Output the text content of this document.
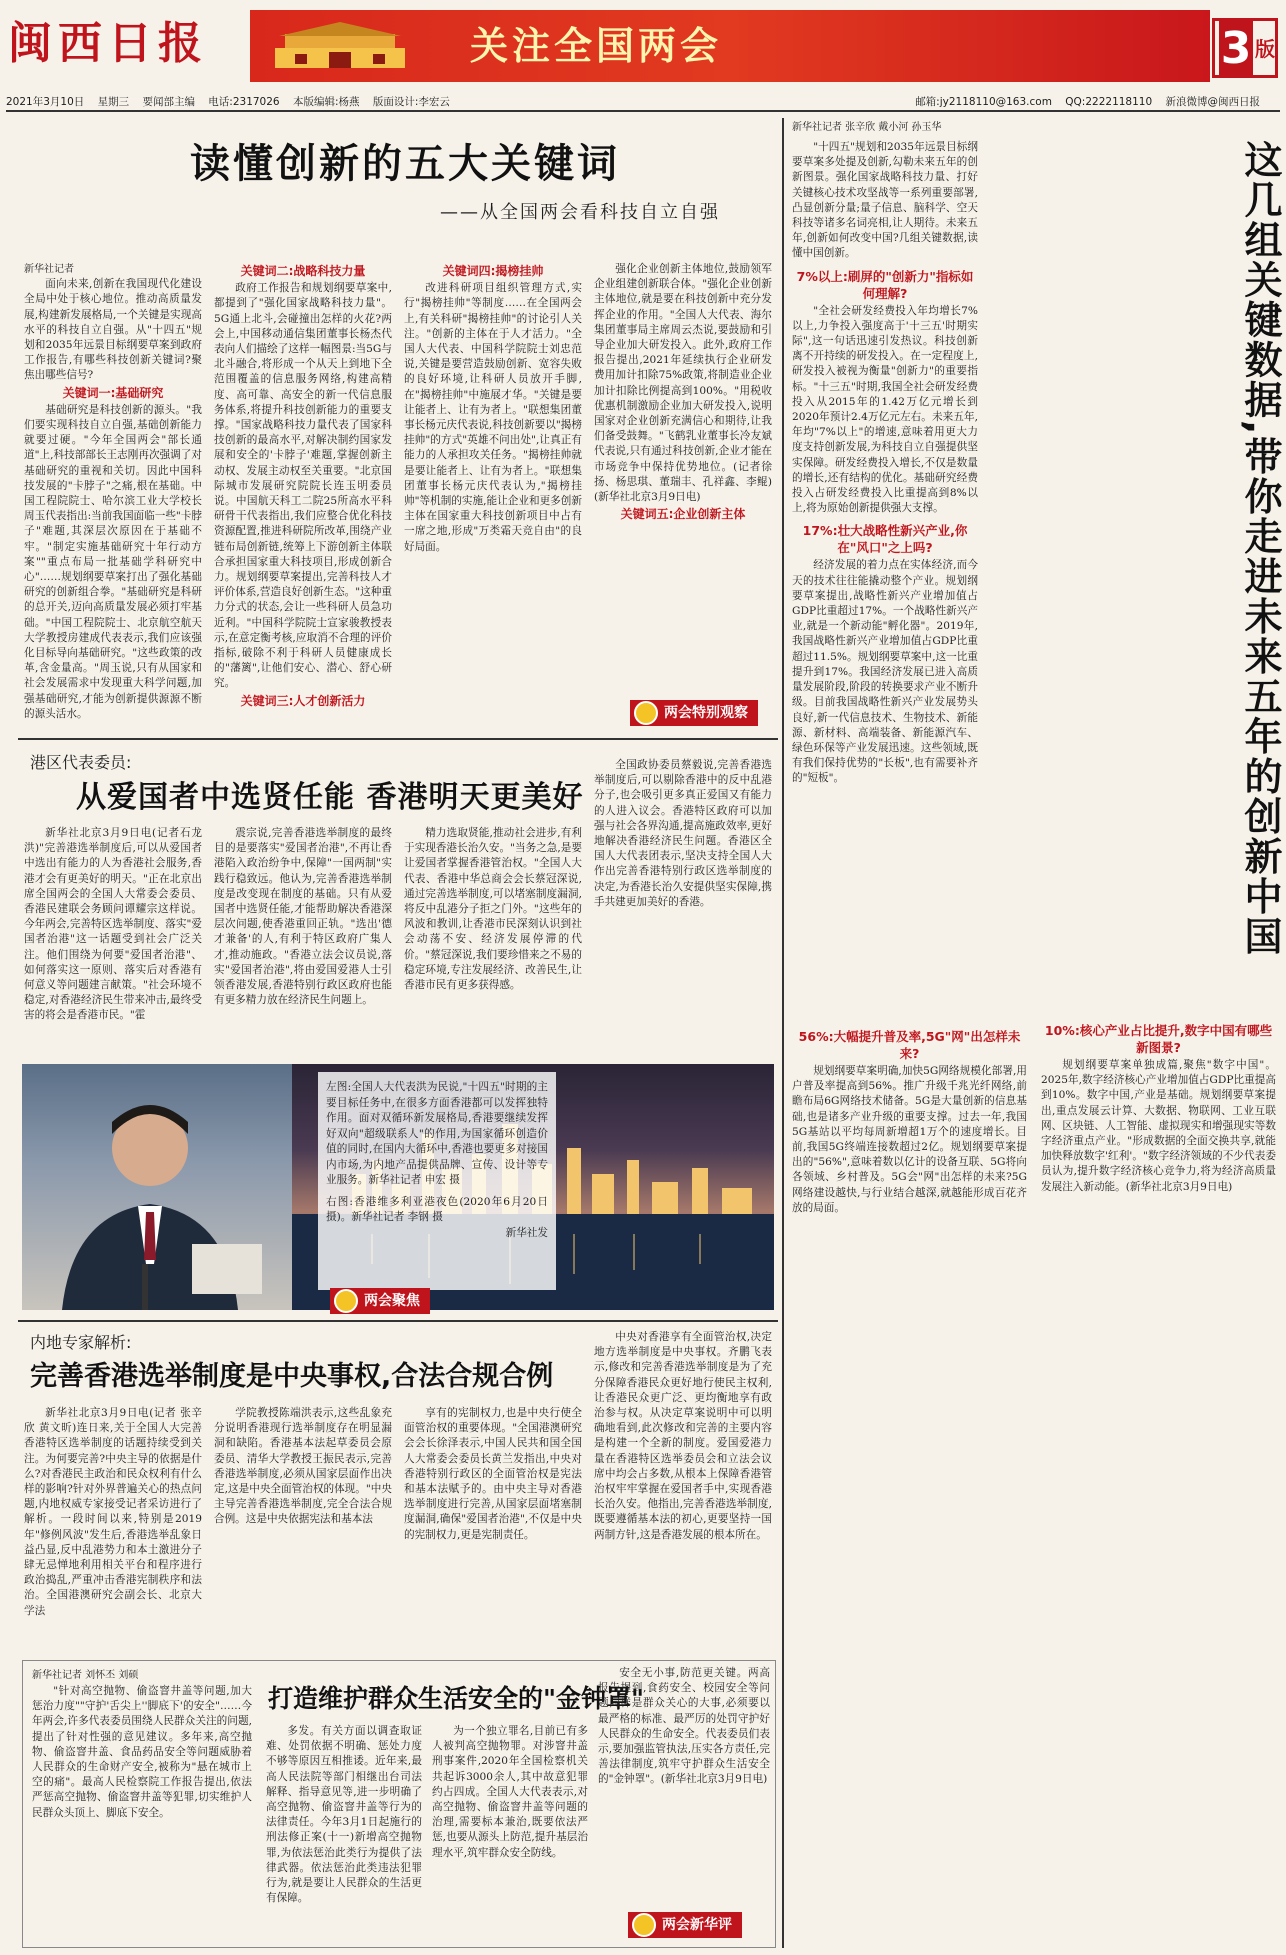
闽西日报	关注全国两会	3 版
2021年3月10日 星期三 要闻部主编 电话:2317026 本版编辑:杨燕 版面设计:李宏云	邮箱:jy2118110@163.com QQ:2222118110 新浪微博@闽西日报
读懂创新的五大关键词
——从全国两会看科技自立自强

新华社记者

面向未来,创新在我国现代化建设全局中处于核心地位。推动高质量发展,构建新发展格局,一个关键是实现高水平的科技自立自强。从"十四五"规划和2035年远景目标纲要草案到政府工作报告,有哪些科技创新关键词?聚焦出哪些信号?

关键词一:基础研究

基础研究是科技创新的源头。"我们要实现科技自立自强,基础创新能力就要过硬。"今年全国两会"部长通道"上,科技部部长王志刚再次强调了对基础研究的重视和关切。因此中国科技发展的"卡脖子"之痛,根在基础。中国工程院院士、哈尔滨工业大学校长周玉代表指出:当前我国面临一些"卡脖子"难题,其深层次原因在于基础不牢。"制定实施基础研究十年行动方案""重点布局一批基础学科研究中心"……规划纲要草案打出了强化基础研究的创新组合拳。"基础研究是科研的总开关,迈向高质量发展必须打牢基础。"中国工程院院士、北京航空航天大学教授房建成代表表示,我们应该强化目标导向基础研究。"这些政策的改革,含金量高。"周玉说,只有从国家和社会发展需求中发现重大科学问题,加强基础研究,才能为创新提供源源不断的源头活水。

关键词二:战略科技力量

政府工作报告和规划纲要草案中,都提到了"强化国家战略科技力量"。5G通上北斗,会碰撞出怎样的火花?两会上,中国移动通信集团董事长杨杰代表向人们描绘了这样一幅图景:当5G与北斗融合,将形成一个从天上到地下全范围覆盖的信息服务网络,构建高精度、高可靠、高安全的新一代信息服务体系,将提升科技创新能力的重要支撑。"国家战略科技力量代表了国家科技创新的最高水平,对解决制约国家发展和安全的'卡脖子'难题,掌握创新主动权、发展主动权至关重要。"北京国际城市发展研究院院长连玉明委员说。中国航天科工二院25所高水平科研骨干代表指出,我们应整合优化科技资源配置,推进科研院所改革,围绕产业链布局创新链,统筹上下游创新主体联合承担国家重大科技项目,形成创新合力。规划纲要草案提出,完善科技人才评价体系,营造良好创新生态。"这种重力分式的状态,会让一些科研人员急功近利。"中国科学院院士宣家骏教授表示,在意定衡考核,应取消不合理的评价指标,破除不利于科研人员健康成长的"藩篱",让他们安心、潜心、舒心研究。

关键词三:人才创新活力

关键词四:揭榜挂帅

改进科研项目组织管理方式,实行"揭榜挂帅"等制度……在全国两会上,有关科研"揭榜挂帅"的讨论引人关注。"创新的主体在于人才活力。"全国人大代表、中国科学院院士刘忠范说,关键是要营造鼓励创新、宽容失败的良好环境,让科研人员放开手脚,在"揭榜挂帅"中施展才华。"关键是要让能者上、让有为者上。"联想集团董事长杨元庆代表说,科技创新要以"揭榜挂帅"的方式"英雄不问出处",让真正有能力的人承担攻关任务。"揭榜挂帅就是要让能者上、让有为者上。"联想集团董事长杨元庆代表认为,"揭榜挂帅"等机制的实施,能让企业和更多创新主体在国家重大科技创新项目中占有一席之地,形成"万类霜天竞自由"的良好局面。

强化企业创新主体地位,鼓励领军企业组建创新联合体。"强化企业创新主体地位,就是要在科技创新中充分发挥企业的作用。"全国人大代表、海尔集团董事局主席周云杰说,要鼓励和引导企业加大研发投入。此外,政府工作报告提出,2021年延续执行企业研发费用加计扣除75%政策,将制造业企业加计扣除比例提高到100%。"用税收优惠机制激励企业加大研发投入,说明国家对企业创新充满信心和期待,让我们备受鼓舞。"飞鹤乳业董事长冷友斌代表说,只有通过科技创新,企业才能在市场竞争中保持优势地位。(记者徐扬、杨思琪、董瑞丰、孔祥鑫、李鲲)(新华社北京3月9日电)

关键词五:企业创新主体

两会特别观察
新华社记者 张辛欣 戴小河 孙玉华
这几组关键数据,带你走进未来五年的创新中国

"十四五"规划和2035年远景目标纲要草案多处提及创新,勾勒未来五年的创新图景。强化国家战略科技力量、打好关键核心技术攻坚战等一系列重要部署,凸显创新分量;量子信息、脑科学、空天科技等诸多名词亮相,让人期待。未来五年,创新如何改变中国?几组关键数据,读懂中国创新。

7%以上:刷屏的"创新力"指标如何理解?

"全社会研发经费投入年均增长7%以上,力争投入强度高于'十三五'时期实际",这一句话迅速引发热议。科技创新离不开持续的研发投入。在一定程度上,研发投入被视为衡量"创新力"的重要指标。"十三五"时期,我国全社会研发经费投入从2015年的1.42万亿元增长到2020年预计2.4万亿元左右。未来五年,年均"7%以上"的增速,意味着用更大力度支持创新发展,为科技自立自强提供坚实保障。研发经费投入增长,不仅是数量的增长,还有结构的优化。基础研究经费投入占研发经费投入比重提高到8%以上,将为原始创新提供强大支撑。

17%:壮大战略性新兴产业,你在"风口"之上吗?

经济发展的着力点在实体经济,而今天的技术往往能撬动整个产业。规划纲要草案提出,战略性新兴产业增加值占GDP比重超过17%。一个战略性新兴产业,就是一个新动能"孵化器"。2019年,我国战略性新兴产业增加值占GDP比重超过11.5%。规划纲要草案中,这一比重提升到17%。我国经济发展已进入高质量发展阶段,阶段的转换要求产业不断升级。目前我国战略性新兴产业发展势头良好,新一代信息技术、生物技术、新能源、新材料、高端装备、新能源汽车、绿色环保等产业发展迅速。这些领域,既有我们保持优势的"长板",也有需要补齐的"短板"。

56%:大幅提升普及率,5G"网"出怎样未来?

规划纲要草案明确,加快5G网络规模化部署,用户普及率提高到56%。推广升级千兆光纤网络,前瞻布局6G网络技术储备。5G是大量创新的信息基础,也是诸多产业升级的重要支撑。过去一年,我国5G基站以平均每周新增超1万个的速度增长。目前,我国5G终端连接数超过2亿。规划纲要草案提出的"56%",意味着数以亿计的设备互联、5G将向各领域、乡村普及。5G会"网"出怎样的未来?5G网络建设越快,与行业结合越深,就越能形成百花齐放的局面。

10%:核心产业占比提升,数字中国有哪些新图景?

规划纲要草案单独成篇,聚焦"数字中国"。2025年,数字经济核心产业增加值占GDP比重提高到10%。数字中国,产业是基础。规划纲要草案提出,重点发展云计算、大数据、物联网、工业互联网、区块链、人工智能、虚拟现实和增强现实等数字经济重点产业。"形成数据的全面交换共享,就能加快释放数字'红利'。"数字经济领域的不少代表委员认为,提升数字经济核心竞争力,将为经济高质量发展注入新动能。(新华社北京3月9日电)

港区代表委员:
从爱国者中选贤任能 香港明天更美好

新华社北京3月9日电(记者石龙洪)"完善港选举制度后,可以从爱国者中选出有能力的人为香港社会服务,香港才会有更美好的明天。"正在北京出席全国两会的全国人大常委会委员、香港民建联会务顾问谭耀宗这样说。今年两会,完善特区选举制度、落实"爱国者治港"这一话题受到社会广泛关注。他们围绕为何要"爱国者治港"、如何落实这一原则、落实后对香港有何意义等问题建言献策。"社会环境不稳定,对香港经济民生带来冲击,最终受害的将会是香港市民。"霍

震宗说,完善香港选举制度的最终目的是要落实"爱国者治港",不再让香港陷入政治纷争中,保障"一国两制"实践行稳致远。他认为,完善香港选举制度是改变现在制度的基础。只有从爱国者中选贤任能,才能帮助解决香港深层次问题,使香港重回正轨。"选出'德才兼备'的人,有利于特区政府广集人才,推动施政。"香港立法会议员说,落实"爱国者治港",将由爱国爱港人士引领香港发展,香港特别行政区政府也能有更多精力放在经济民生问题上。

精力选取贤能,推动社会进步,有利于实现香港长治久安。"当务之急,是要让爱国者掌握香港管治权。"全国人大代表、香港中华总商会会长蔡冠深说,通过完善选举制度,可以堵塞制度漏洞,将反中乱港分子拒之门外。"这些年的风波和教训,让香港市民深刻认识到社会动荡不安、经济发展停滞的代价。"蔡冠深说,我们要珍惜来之不易的稳定环境,专注发展经济、改善民生,让香港市民有更多获得感。

全国政协委员蔡毅说,完善香港选举制度后,可以剔除香港中的反中乱港分子,也会吸引更多真正爱国又有能力的人进入议会。香港特区政府可以加强与社会各界沟通,提高施政效率,更好地解决香港经济民生问题。香港区全国人大代表团表示,坚决支持全国人大作出完善香港特别行政区选举制度的决定,为香港长治久安提供坚实保障,携手共建更加美好的香港。

左图:全国人大代表洪为民说,"十四五"时期的主要目标任务中,在很多方面香港都可以发挥独特作用。面对双循环新发展格局,香港要继续发挥好双向"超级联系人"的作用,为国家循环创造价值的同时,在国内大循环中,香港也要更多对接国内市场,为内地产品提供品牌、宣传、设计等专业服务。新华社记者 申宏 摄

右图:香港维多利亚港夜色(2020年6月20日摄)。新华社记者 李钢 摄

新华社发

两会聚焦
内地专家解析:
完善香港选举制度是中央事权,合法合规合例

新华社北京3月9日电(记者 张辛欣 黄文昕)连日来,关于全国人大完善香港特区选举制度的话题持续受到关注。为何要完善?中央主导的依据是什么?对香港民主政治和民众权利有什么样的影响?针对外界普遍关心的热点问题,内地权威专家接受记者采访进行了解析。一段时间以来,特别是2019年"修例风波"发生后,香港选举乱象日益凸显,反中乱港势力和本土激进分子肆无忌惮地利用相关平台和程序进行政治捣乱,严重冲击香港宪制秩序和法治。全国港澳研究会副会长、北京大学法

学院教授陈端洪表示,这些乱象充分说明香港现行选举制度存在明显漏洞和缺陷。香港基本法起草委员会原委员、清华大学教授王振民表示,完善香港选举制度,必须从国家层面作出决定,这是中央全面管治权的体现。"中央主导完善香港选举制度,完全合法合规合例。这是中央依据宪法和基本法

享有的宪制权力,也是中央行使全面管治权的重要体现。"全国港澳研究会会长徐泽表示,中国人民共和国全国人大常委会委员长黄兰发指出,中央对香港特别行政区的全面管治权是宪法和基本法赋予的。由中央主导对香港选举制度进行完善,从国家层面堵塞制度漏洞,确保"爱国者治港",不仅是中央的宪制权力,更是宪制责任。

中央对香港享有全面管治权,决定地方选举制度是中央事权。齐鹏飞表示,修改和完善香港选举制度是为了充分保障香港民众更好地行使民主权利,让香港民众更广泛、更均衡地享有政治参与权。从决定草案说明中可以明确地看到,此次修改和完善的主要内容是构建一个全新的制度。爱国爱港力量在香港特区选举委员会和立法会议席中均会占多数,从根本上保障香港管治权牢牢掌握在爱国者手中,实现香港长治久安。他指出,完善香港选举制度,既要遵循基本法的初心,更要坚持一国两制方针,这是香港发展的根本所在。

新华社记者 刘怀丕 刘硕
打造维护群众生活安全的"金钟罩"

"针对高空抛物、偷盗窨井盖等问题,加大惩治力度""守护'舌尖上''脚底下'的安全"……今年两会,许多代表委员围绕人民群众关注的问题,提出了针对性强的意见建议。多年来,高空抛物、偷盗窨井盖、食品药品安全等问题威胁着人民群众的生命财产安全,被称为"悬在城市上空的痛"。最高人民检察院工作报告提出,依法严惩高空抛物、偷盗窨井盖等犯罪,切实维护人民群众头顶上、脚底下安全。

多发。有关方面以调查取证难、处罚依据不明确、惩处力度不够等原因互相推诿。近年来,最高人民法院等部门相继出台司法解释、指导意见等,进一步明确了高空抛物、偷盗窨井盖等行为的法律责任。今年3月1日起施行的刑法修正案(十一)新增高空抛物罪,为依法惩治此类行为提供了法律武器。依法惩治此类违法犯罪行为,就是要让人民群众的生活更有保障。

为一个独立罪名,目前已有多人被判高空抛物罪。对涉窨井盖刑事案件,2020年全国检察机关共起诉3000余人,其中故意犯罪约占四成。全国人大代表表示,对高空抛物、偷盗窨井盖等问题的治理,需要标本兼治,既要依法严惩,也要从源头上防范,提升基层治理水平,筑牢群众安全防线。

安全无小事,防范更关键。两高报告提到,食药安全、校园安全等问题同样是群众关心的大事,必须要以最严格的标准、最严厉的处罚守护好人民群众的生命安全。代表委员们表示,要加强监管执法,压实各方责任,完善法律制度,筑牢守护群众生活安全的"金钟罩"。(新华社北京3月9日电)

两会新华评
